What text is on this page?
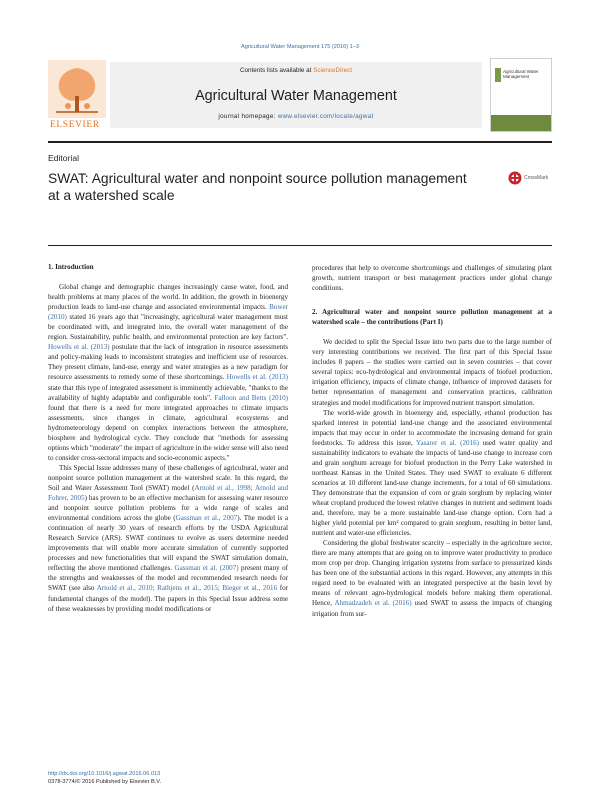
Agricultural Water Management 175 (2016) 1–3
ELSEVIER
Contents lists available at ScienceDirect
Agricultural Water Management
journal homepage: www.elsevier.com/locate/agwat
Agricultural Water Management
Editorial
SWAT: Agricultural water and nonpoint source pollution management at a watershed scale
CrossMark
1. Introduction

Global change and demographic changes increasingly cause water, food, and health problems at many places of the world. In addition, the growth in bioenergy production leads to land-use change and associated environmental impacts. Bower (2010) stated 16 years ago that "increasingly, agricultural water management must be coordinated with, and integrated into, the overall water management of the region. Sustainability, public health, and environmental protection are key factors". Howells et al. (2013) postulate that the lack of integration in resource assessments and policy-making leads to inconsistent strategies and inefficient use of resources. They present climate, land-use, energy and water strategies as a new paradigm for resource assessments to remedy some of these shortcomings. Howells et al. (2013) state that this type of integrated assessment is imminently achievable, "thanks to the availability of highly adaptable and configurable tools". Falloon and Betts (2010) found that there is a need for more integrated approaches to climate impacts assessments, since changes in climate, agricultural ecosystems and hydrometeorology depend on complex interactions between the atmosphere, biosphere and hydrological cycle. They conclude that "methods for assessing options which "moderate" the impact of agriculture in the wider sense will also need to consider cross-sectoral impacts and socio-economic aspects."

This Special Issue addresses many of these challenges of agricultural, water and nonpoint source pollution management at the watershed scale. In this regard, the Soil and Water Assessment Tool (SWAT) model (Arnold et al., 1998; Arnold and Fohrer, 2005) has proven to be an effective mechanism for assessing water resource and nonpoint source pollution problems for a wide range of scales and environmental conditions across the globe (Gassman et al., 2007). The model is a continuation of nearly 30 years of research efforts by the USDA Agricultural Research Service (ARS). SWAT continues to evolve as users determine needed improvements that will enable more accurate simulation of currently supported processes and new functionalities that will expand the SWAT simulation domain, reflecting the above mentioned challenges. Gassman et al. (2007) present many of the strengths and weaknesses of the model and recommended research needs for SWAT (see also Arnold et al., 2010; Rathjens et al., 2015; Bieger et al., 2016 for fundamental changes of the model). The papers in this Special Issue address some of these weaknesses by providing model modifications or

procedures that help to overcome shortcomings and challenges of simulating plant growth, nutrient transport or best management practices under global change conditions.

2. Agricultural water and nonpoint source pollution management at a watershed scale – the contributions (Part I)

We decided to split the Special Issue into two parts due to the large number of very interesting contributions we received. The first part of this Special Issue includes 8 papers – the studies were carried out in seven countries – that cover several topics: eco-hydrological and environmental impacts of biofuel production, irrigation efficiency, impacts of climate change, influence of improved datasets for better representation of management and conservation practices, calibration strategies and model modifications for improved nutrient transport simulation.

The world-wide growth in bioenergy and, especially, ethanol production has sparked interest in potential land-use change and the associated environmental impacts that may occur in order to accommodate the increasing demand for grain feedstocks. To address this issue, Yasarer et al. (2016) used water quality and sustainability indicators to evaluate the impacts of land-use change to increase corn and grain sorghum acreage for biofuel production in the Perry Lake watershed in northeast Kansas in the United States. They used SWAT to evaluate 6 different scenarios at 10 different land-use change increments, for a total of 60 simulations. They demonstrate that the expansion of corn or grain sorghum by replacing winter wheat cropland produced the lowest relative changes in nutrient and sediment loads and, therefore, may be a more sustainable land-use change option. Corn had a higher yield potential per km² compared to grain sorghum, resulting in better land, nutrient and water-use efficiencies.

Considering the global freshwater scarcity – especially in the agriculture sector, there are many attempts that are going on to improve water productivity to produce more crop per drop. Changing irrigation systems from surface to pressurized kinds has been one of the substantial actions in this regard. However, any attempts in this regard need to be evaluated with an integrated perspective at the basin level by means of relevant agro-hydrological models before making them operational. Hence, Ahmadzadeh et al. (2016) used SWAT to assess the impacts of changing irrigation from sur-

http://dx.doi.org/10.1016/j.agwat.2016.06.013
0378-3774/© 2016 Published by Elsevier B.V.
